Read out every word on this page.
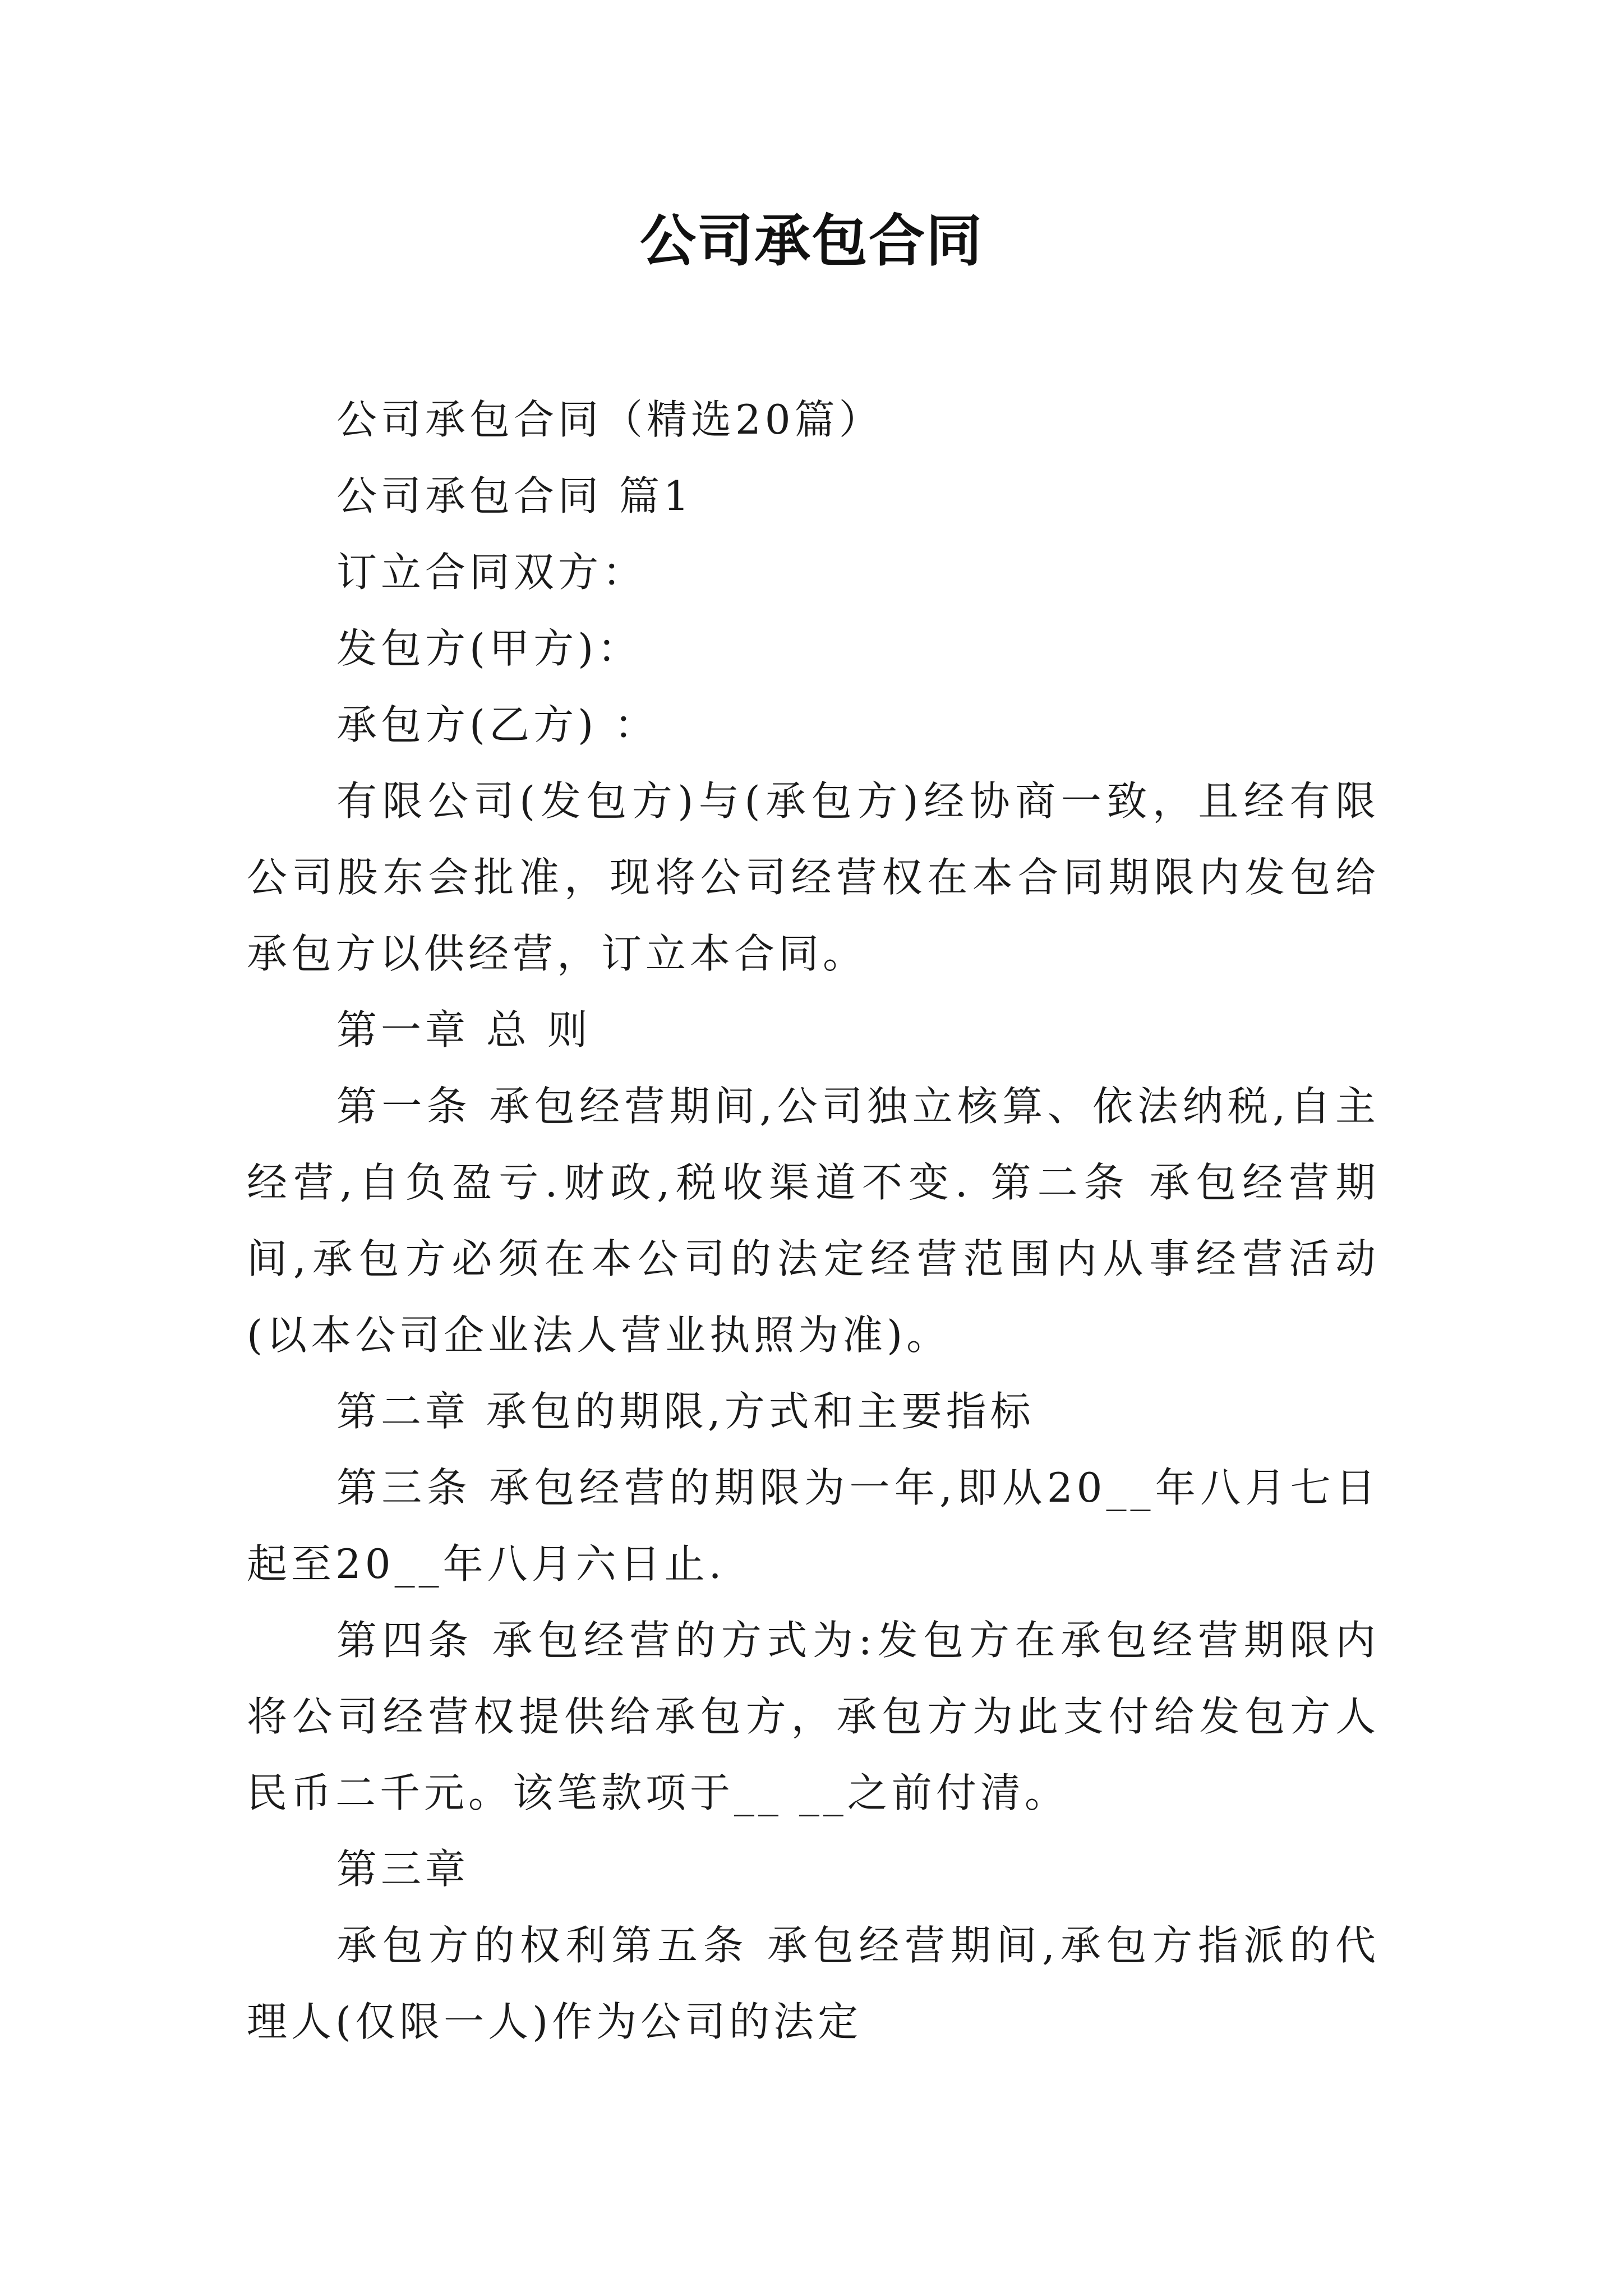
公司承包合同

公司承包合同（精选20篇）

公司承包合同 篇1

订立合同双方：

发包方(甲方)：

承包方(乙方) ：

有限公司(发包方)与(承包方)经协商一致，且经有限公司股东会批准，现将公司经营权在本合同期限内发包给承包方以供经营，订立本合同。

第一章 总 则

第一条 承包经营期间,公司独立核算、依法纳税,自主经营,自负盈亏.财政,税收渠道不变. 第二条 承包经营期间,承包方必须在本公司的法定经营范围内从事经营活动(以本公司企业法人营业执照为准)。

第二章 承包的期限,方式和主要指标

第三条 承包经营的期限为一年,即从20__年八月七日起至20__年八月六日止.

第四条 承包经营的方式为:发包方在承包经营期限内将公司经营权提供给承包方，承包方为此支付给发包方人民币二千元。该笔款项于__ __之前付清。

第三章

承包方的权利第五条 承包经营期间,承包方指派的代理人(仅限一人)作为公司的法定
